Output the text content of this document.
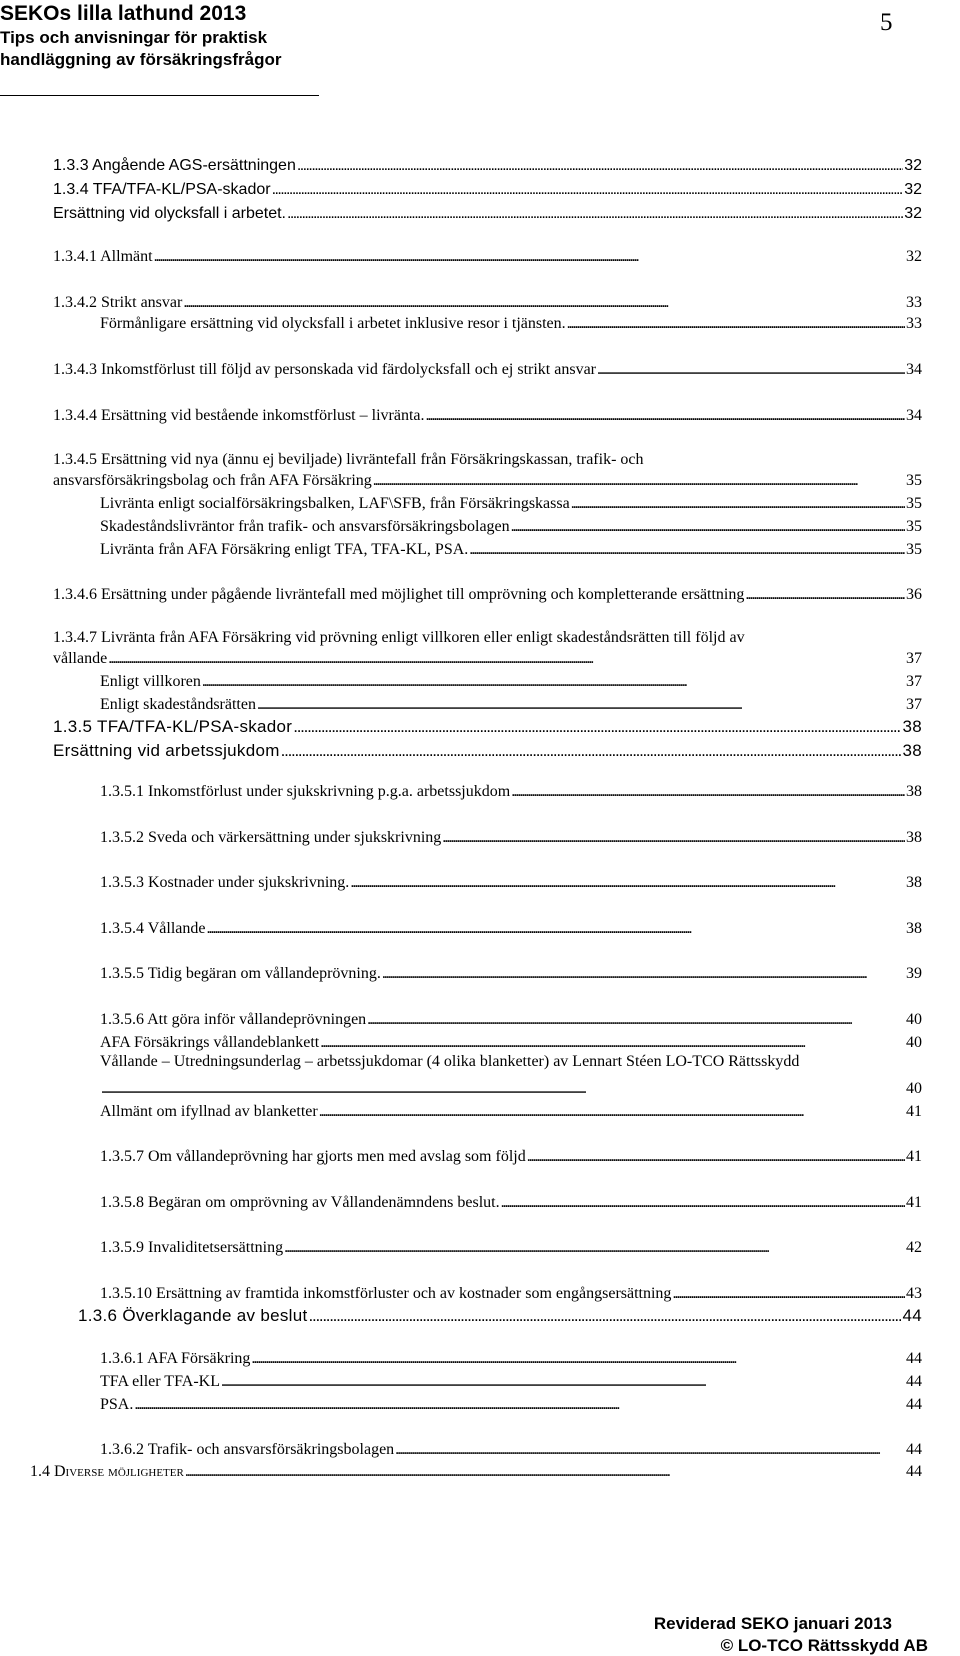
SEKOs lilla lathund 2013
Tips och anvisningar för praktisk
handläggning av försäkringsfrågor
5
1.3.3 Angående AGS-ersättningen . . .	32
1.3.4 TFA/TFA-KL/PSA-skador . . .	32
Ersättning vid olycksfall i arbetet. . . .	32
1.3.4.1 Allmänt . . .	32
1.3.4.2 Strikt ansvar . . .	33
Förmånligare ersättning vid olycksfall i arbetet inklusive resor i tjänsten. . . .	33
1.3.4.3 Inkomstförlust till följd av personskada vid färdolycksfall och ej strikt ansvar . . .	34
1.3.4.4 Ersättning vid bestående inkomstförlust – livränta. . . .	34
1.3.4.5 Ersättning vid nya (ännu ej beviljade) livräntefall från Försäkringskassan, trafik- och
ansvarsförsäkringsbolag och från AFA Försäkring . . .	35
Livränta enligt socialförsäkringsbalken, LAF\SFB, från Försäkringskassa . . .	35
Skadeståndslivräntor från trafik- och ansvarsförsäkringsbolagen . . .	35
Livränta från AFA Försäkring enligt TFA, TFA-KL, PSA. . . .	35
1.3.4.6 Ersättning under pågående livräntefall med möjlighet till omprövning och kompletterande ersättning . . .	36
1.3.4.7 Livränta från AFA Försäkring vid prövning enligt villkoren eller enligt skadeståndsrätten till följd av
vållande . . .	37
Enligt villkoren . . .	37
Enligt skadeståndsrätten . . .	37
1.3.5 TFA/TFA-KL/PSA-skador . . .	38
Ersättning vid arbetssjukdom . . .	38
1.3.5.1 Inkomstförlust under sjukskrivning p.g.a. arbetssjukdom . . .	38
1.3.5.2 Sveda och värkersättning under sjukskrivning . . .	38
1.3.5.3 Kostnader under sjukskrivning. . . .	38
1.3.5.4 Vållande . . .	38
1.3.5.5 Tidig begäran om vållandeprövning. . . .	39
1.3.5.6 Att göra inför vållandeprövningen . . .	40
AFA Försäkrings vållandeblankett . . .	40
Vållande – Utredningsunderlag – arbetssjukdomar (4 olika blanketter) av Lennart Stéen LO-TCO Rättsskydd
. . .
40
Allmänt om ifyllnad av blanketter . . .	41
1.3.5.7 Om vållandeprövning har gjorts men med avslag som följd . . .	41
1.3.5.8 Begäran om omprövning av Vållandenämndens beslut. . . .	41
1.3.5.9 Invaliditetsersättning . . .	42
1.3.5.10 Ersättning av framtida inkomstförluster och av kostnader som engångsersättning . . .	43
1.3.6 Överklagande av beslut . . .	44
1.3.6.1 AFA Försäkring . . .	44
TFA eller TFA-KL . . .	44
PSA. . . .	44
1.3.6.2 Trafik- och ansvarsförsäkringsbolagen . . .	44
1.4 Diverse möjligheter . . .	44
Reviderad SEKO januari 2013
© LO-TCO Rättsskydd AB
